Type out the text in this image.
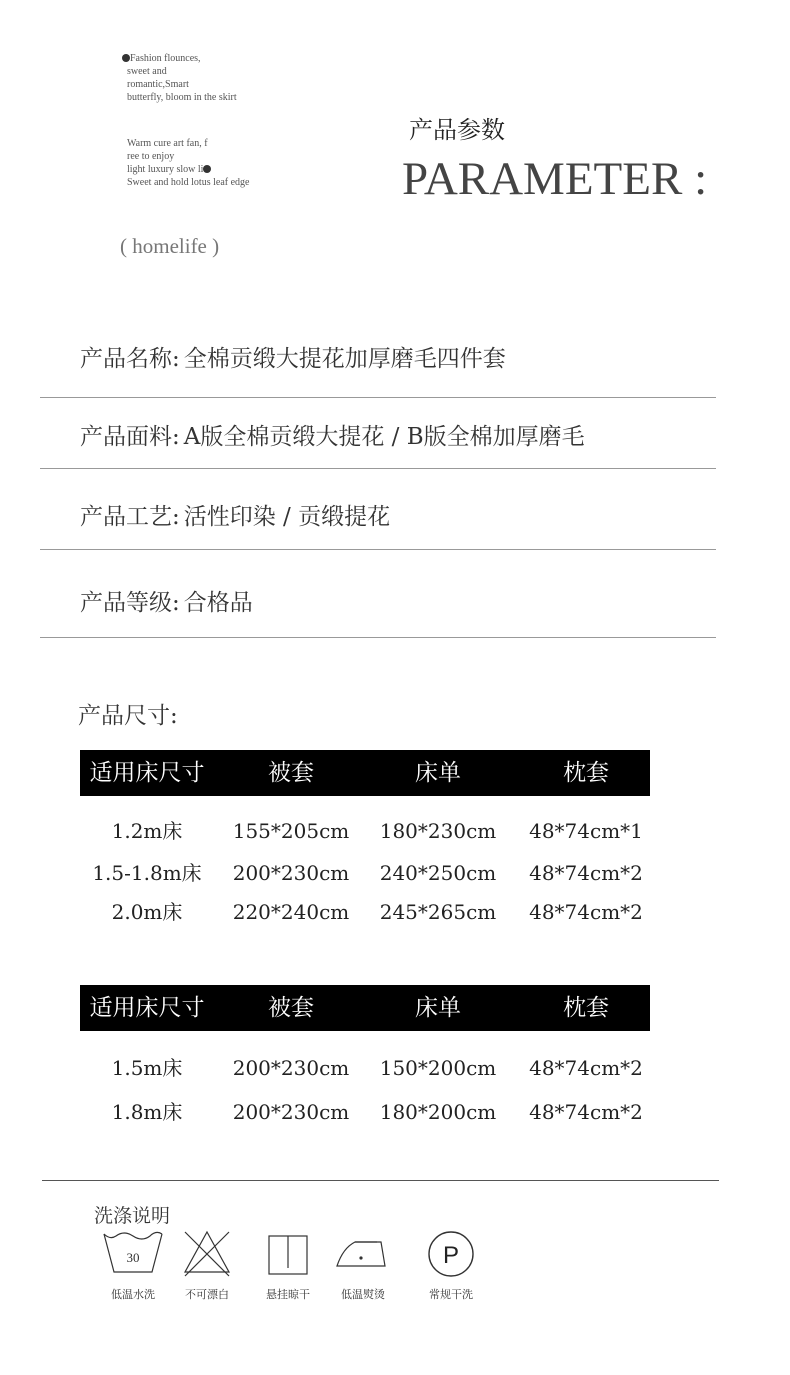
Fashion flounces,
sweet and
romantic,Smart
butterfly, bloom in the skirt
Warm cure art fan, f
ree to enjoy
light luxury slow li
Sweet and hold lotus leaf edge
( homelife )
产品参数
PARAMETER :
产品名称: 全棉贡缎大提花加厚磨毛四件套
产品面料: A版全棉贡缎大提花 / B版全棉加厚磨毛
产品工艺: 活性印染 / 贡缎提花
产品等级: 合格品
产品尺寸:
适用床尺寸	被套	床单	枕套
1.2m床	155*205cm	180*230cm	48*74cm*1
1.5-1.8m床	200*230cm	240*250cm	48*74cm*2
2.0m床	220*240cm	245*265cm	48*74cm*2
适用床尺寸	被套	床单	枕套
1.5m床	200*230cm	150*200cm	48*74cm*2
1.8m床	200*230cm	180*200cm	48*74cm*2
洗涤说明
30
低温水洗	不可漂白	悬挂晾干	低温熨烫
P
常规干洗
